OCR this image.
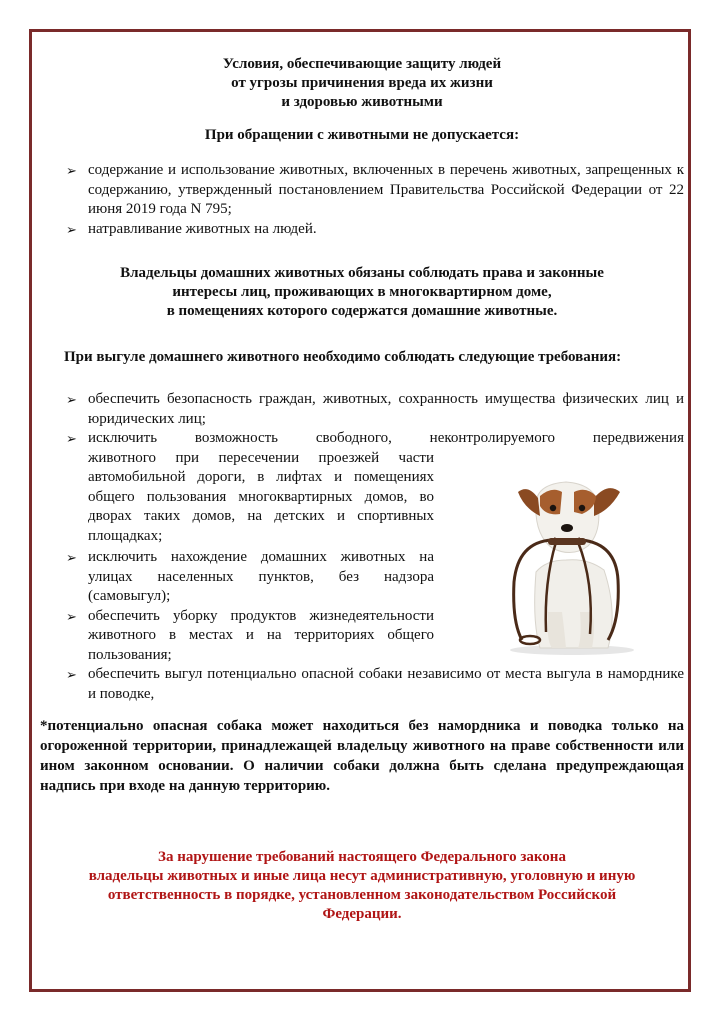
Условия, обеспечивающие защиту людей
от угрозы причинения вреда их жизни
и здоровью животными
При обращении с животными не допускается:
➢ содержание и использование животных, включенных в перечень животных, запрещенных к содержанию, утвержденный постановлением Правительства Российской Федерации от 22 июня 2019 года N 795;
➢ натравливание животных на людей.
Владельцы домашних животных обязаны соблюдать права и законные
интересы лиц, проживающих в многоквартирном доме,
в помещениях которого содержатся домашние животные.
При выгуле домашнего животного необходимо соблюдать следующие требования:
➢ обеспечить безопасность граждан, животных, сохранность имущества физических лиц и юридических лиц;
➢ исключить возможность свободного, неконтролируемого передвижения
животного при пересечении проезжей части автомобильной дороги, в лифтах и помещениях общего пользования многоквартирных домов, во дворах таких домов, на детских и спортивных площадках;
➢ исключить нахождение домашних животных на улицах населенных пунктов, без надзора (самовыгул);
➢ обеспечить уборку продуктов жизнедеятельности животного в местах и на территориях общего пользования;
➢ обеспечить выгул потенциально опасной собаки независимо от места выгула в наморднике и поводке,
*потенциально опасная собака может находиться без намордника и поводка только на огороженной территории, принадлежащей владельцу животного на праве собственности или ином законном основании. О наличии собаки должна быть сделана предупреждающая надпись при входе на данную территорию.
За нарушение требований настоящего Федерального закона
владельцы животных и иные лица несут административную, уголовную и иную
ответственность в порядке, установленном законодательством Российской
Федерации.
